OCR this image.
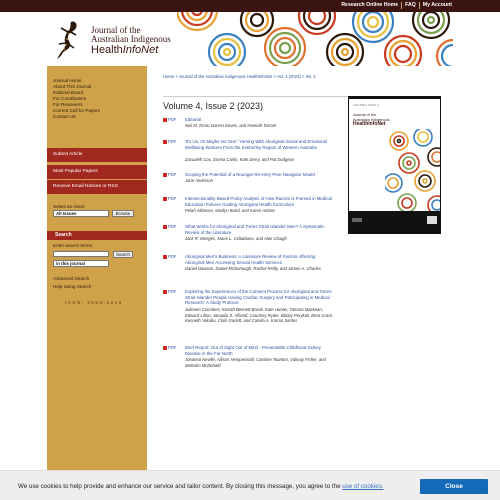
Research Online Home FAQ My Account
Journal of the
Australian Indigenous
HealthInfoNet
Journal Home
About This Journal
Editorial Board
For Contributors
For Reviewers
Current Call for Papers
Contact Us
Submit Article
Most Popular Papers
Receive Email Notices or RSS
Select an issue:
All Issues	Browse
Search
Enter search terms:
Search
in this journal
Advanced Search
Help Using Search
ISSN: 2653-3219
Home > Journal of the Australian Indigenous HealthInfoNet > Vol. 4 (2023) > Iss. 2
Volume 4, Issue 2 (2023)
PDF Editorial
Neil M. Drew, Darren Deves, and Hannah Tarrant
PDF 'It's Us, Or Maybe No One': Yarning With Aboriginal Social and Emotional Wellbeing Workers From the Kimberley Region of Western Australia
Zacualeh Cox, Emma Carlin, Kate Derry, and Pat Dudgeon
PDF Scoping the Potential of a Noongar Re-entry Peer Navigator Model
Jane Anderson
PDF Intersectionality Based Policy Analysis of How Racism is Framed in Medical Education Policies Guiding Aboriginal Health Curriculum
Pelah Atkinson, Marilyn Baird, and Karen Adams
PDF What Works for Aboriginal and Torres Strait Islander Men? A Systematic Review of the Literature
Jack R. Menges, Marie L. Coltabiano, and Alan Clough
PDF Aboriginal Men's Business: A Literature Review of Factors Affecting Aboriginal Men Accessing Sexual Health Services
Daniel Dawson, Daniel McDonough, Rachel Reilly, and James A. Charles
PDF Exploring the Experiences of the Consent Process for Aboriginal and Torres Strait Islander People Having Cardiac Surgery and Participating in Medical Research: A Study Protocol
Julieann Coombes, Keziah Bennett-Brook, Kate Hunter, Tamara Mackean, Edward Litton, Jacquila S. Alfandi, Courtney Ryder, Bobby Porykali, Brea Grant, Kenneth Yakubu, Colin Garlett, and Camila A. Karnut Santos
PDF Brief Report: Out of Sight Out of Mind - Preventable Childhood Kidney Disease in the Far North
Johanna Neville, Allison Hempenstall, Caroline Taunton, Valmay Fisher, and Malcolm McDonald
VOLUME 4 ISSUE 2
Journal of the
Australian Indigenous
HealthInfoNet
We use cookies to help provide and enhance our service and tailor content. By closing this message, you agree to the use of cookies.	Close
